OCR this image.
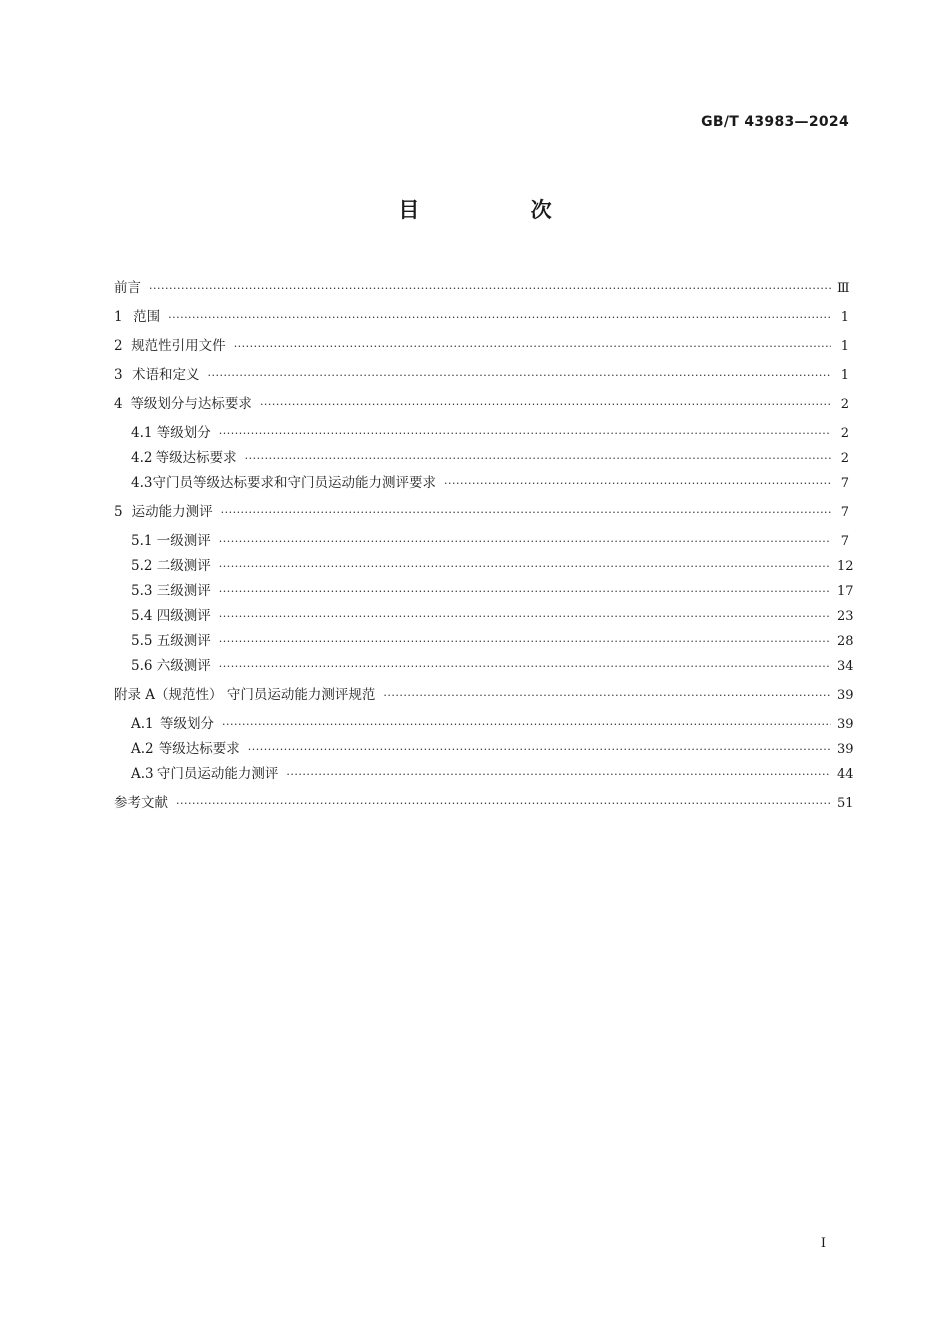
GB/T 43983—2024
目 次
前言 ·····	Ⅲ
1 范围 ·····	1
2 规范性引用文件 ·····	1
3 术语和定义 ·····	1
4 等级划分与达标要求 ·····	2
4.1 等级划分 ·····	2
4.2 等级达标要求 ·····	2
4.3 守门员等级达标要求和守门员运动能力测评要求 ·····	7
5 运动能力测评 ·····	7
5.1 一级测评 ·····	7
5.2 二级测评 ·····	12
5.3 三级测评 ·····	17
5.4 四级测评 ·····	23
5.5 五级测评 ·····	28
5.6 六级测评 ·····	34
附录 A（规范性） 守门员运动能力测评规范 ·····	39
A.1 等级划分 ·····	39
A.2 等级达标要求 ·····	39
A.3 守门员运动能力测评 ·····	44
参考文献 ·····	51
I
